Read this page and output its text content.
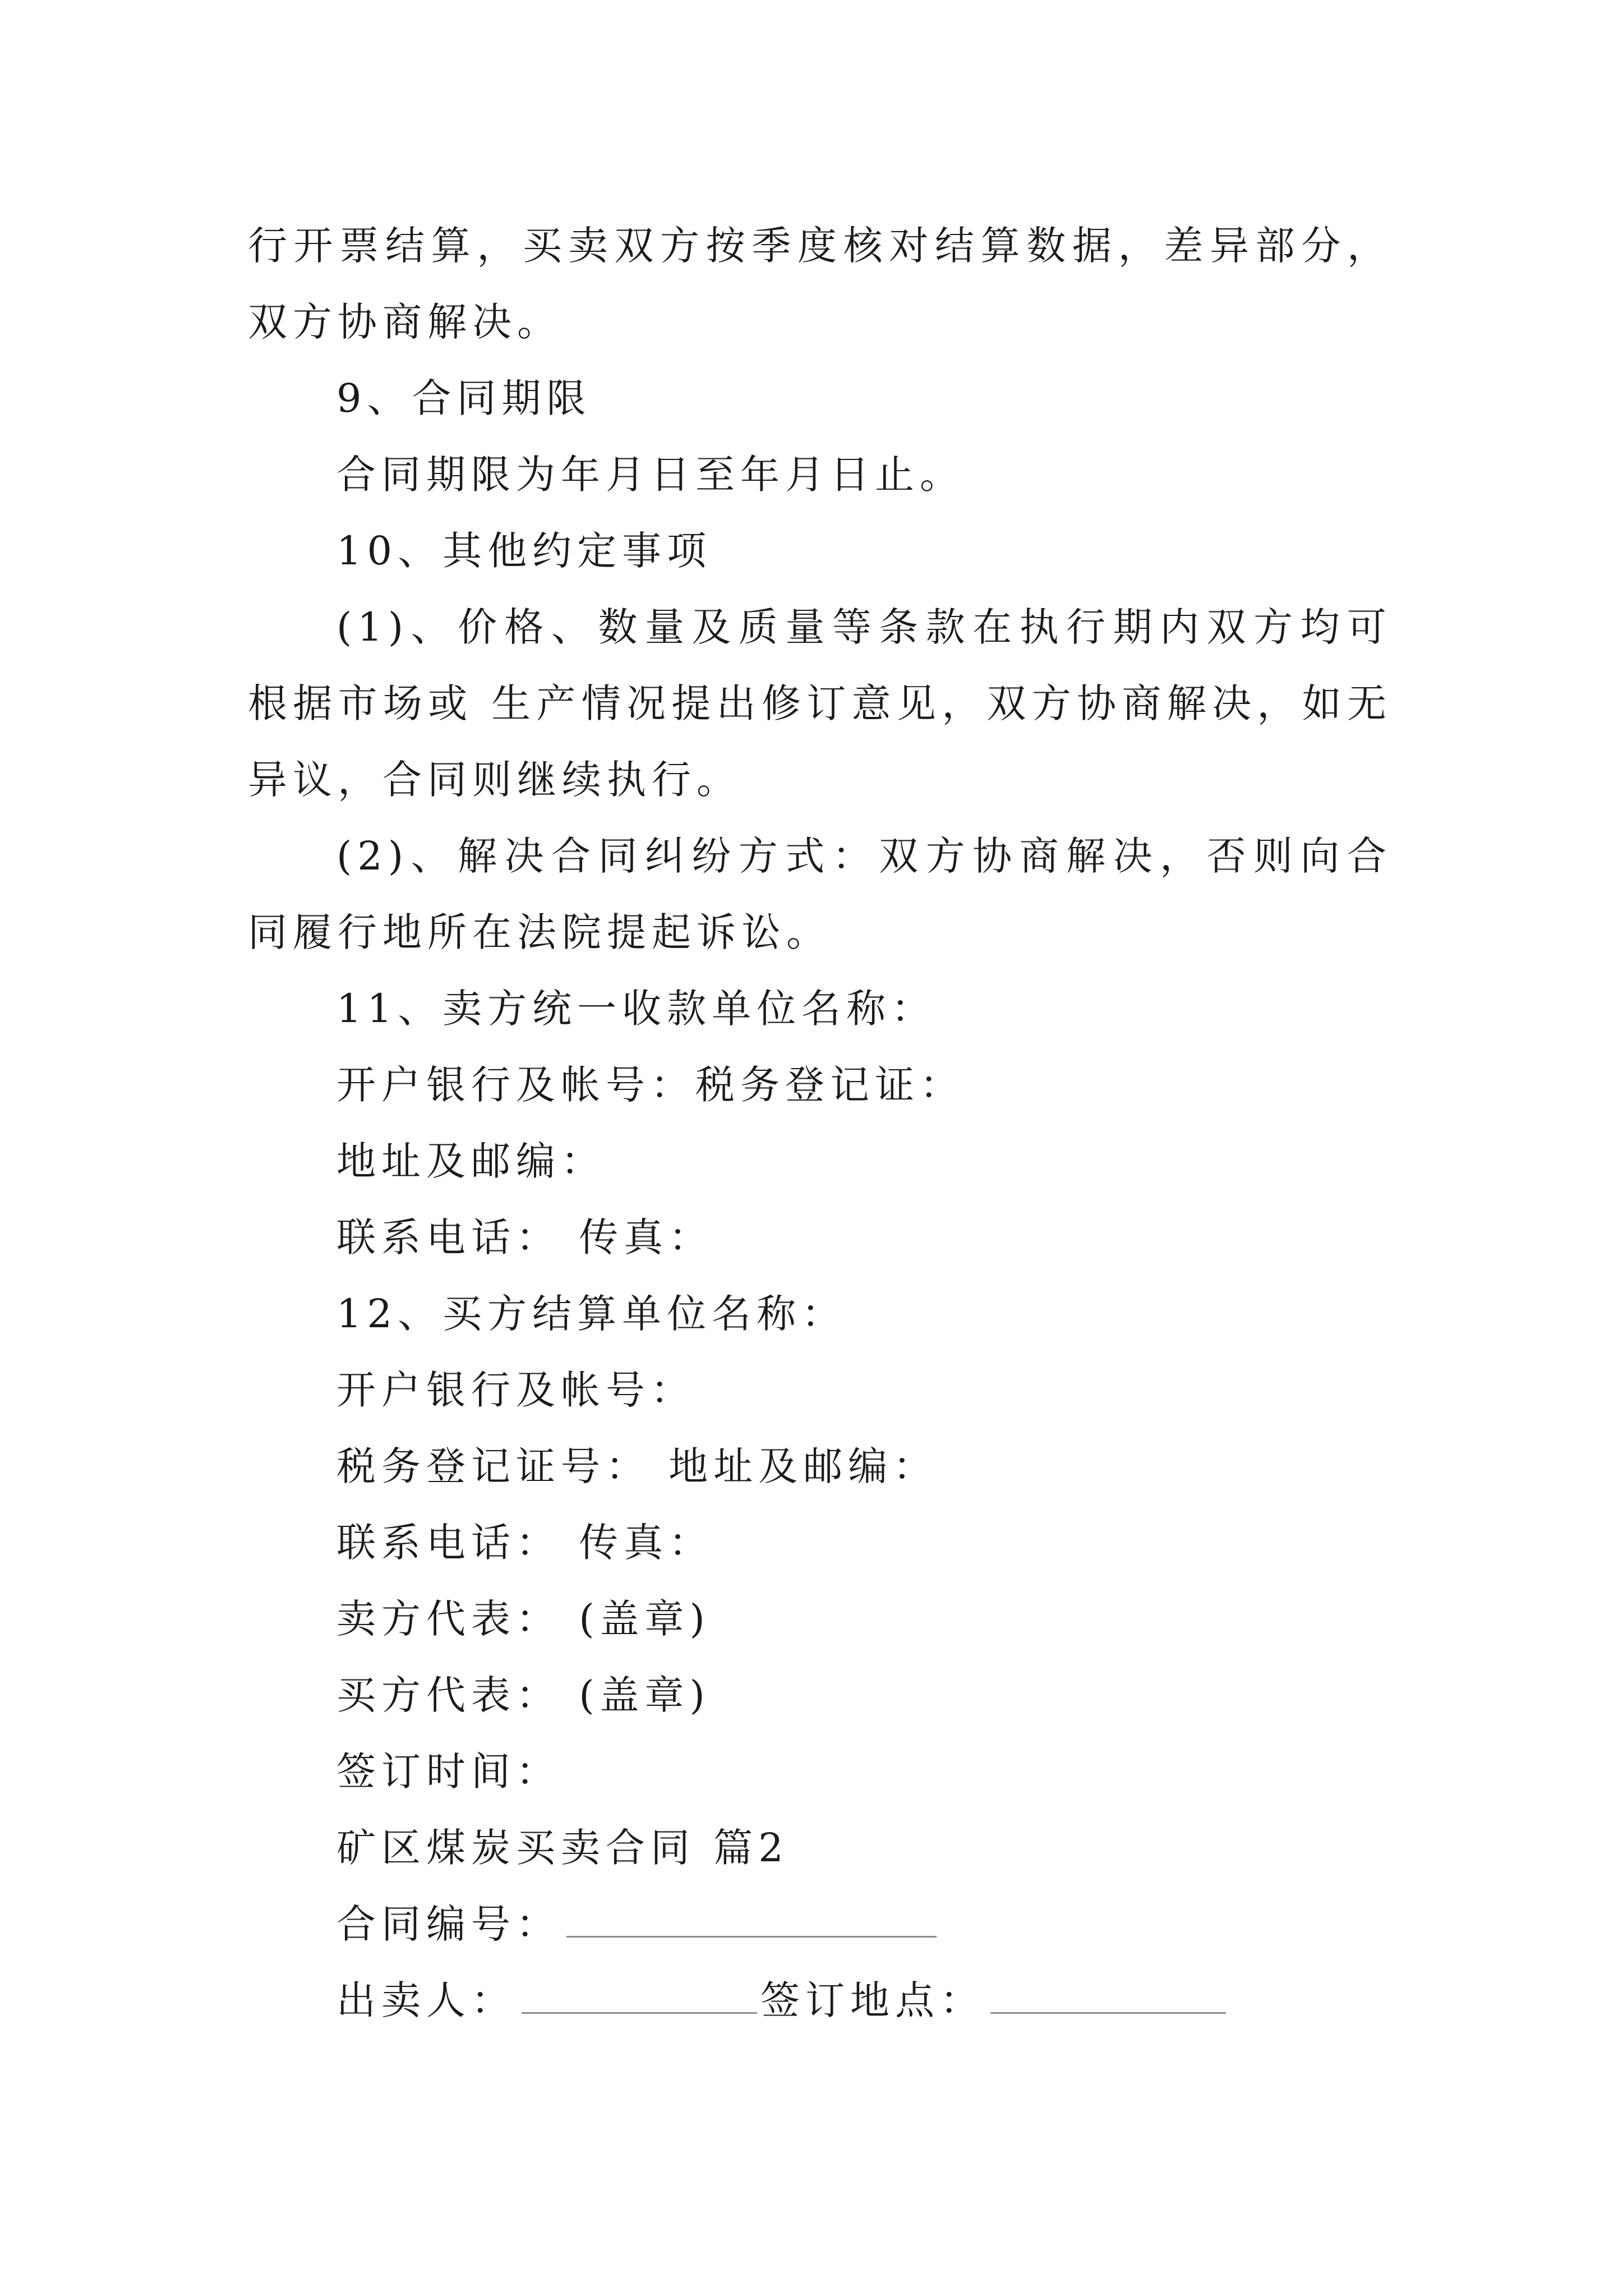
行开票结算，买卖双方按季度核对结算数据，差异部分，双方协商解决。

9、合同期限

合同期限为年月日至年月日止。

10、其他约定事项

(1)、价格、数量及质量等条款在执行期内双方均可根据市场或 生产情况提出修订意见，双方协商解决，如无异议，合同则继续执行。

(2)、解决合同纠纷方式：双方协商解决，否则向合同履行地所在法院提起诉讼。

11、卖方统一收款单位名称：

开户银行及帐号：税务登记证：

地址及邮编：

联系电话： 传真：

12、买方结算单位名称：

开户银行及帐号：

税务登记证号： 地址及邮编：

联系电话： 传真：

卖方代表： (盖章)

买方代表： (盖章)

签订时间：

矿区煤炭买卖合同 篇2

合同编号：

出卖人：	签订地点：
